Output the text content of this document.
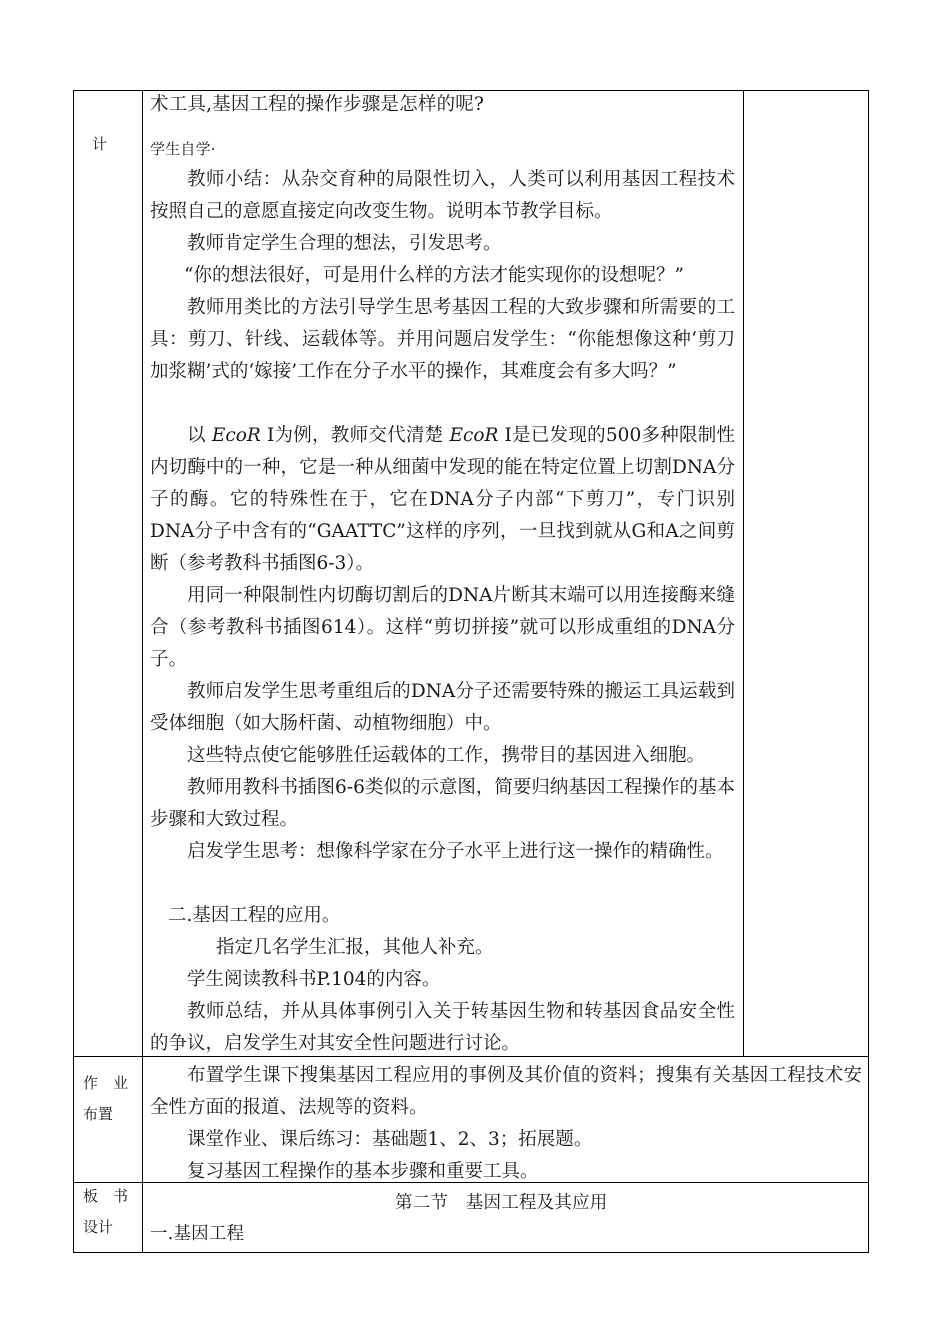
计
作　业
布置
板　书
设计
术工具,基因工程的操作步骤是怎样的呢?
学生自学·
教师小结：从杂交育种的局限性切入，人类可以利用基因工程技术按照自己的意愿直接定向改变生物。说明本节教学目标。
教师肯定学生合理的想法，引发思考。
“你的想法很好，可是用什么样的方法才能实现你的设想呢？”
教师用类比的方法引导学生思考基因工程的大致步骤和所需要的工具：剪刀、针线、运载体等。并用问题启发学生：“你能想像这种‘剪刀加浆糊’式的‘嫁接’工作在分子水平的操作，其难度会有多大吗？”
以 EcoR Ⅰ为例，教师交代清楚 EcoR Ⅰ是已发现的500多种限制性内切酶中的一种，它是一种从细菌中发现的能在特定位置上切割DNA分子的酶。它的特殊性在于，它在DNA分子内部“下剪刀”，专门识别DNA分子中含有的“GAATTC”这样的序列，一旦找到就从G和A之间剪断（参考教科书插图6-3）。
用同一种限制性内切酶切割后的DNA片断其末端可以用连接酶来缝合（参考教科书插图614）。这样“剪切拼接”就可以形成重组的DNA分子。
教师启发学生思考重组后的DNA分子还需要特殊的搬运工具运载到受体细胞（如大肠杆菌、动植物细胞）中。
这些特点使它能够胜任运载体的工作，携带目的基因进入细胞。
教师用教科书插图6-6类似的示意图，简要归纳基因工程操作的基本步骤和大致过程。
启发学生思考：想像科学家在分子水平上进行这一操作的精确性。
二.基因工程的应用。
指定几名学生汇报，其他人补充。
学生阅读教科书P.104的内容。
教师总结，并从具体事例引入关于转基因生物和转基因食品安全性的争议，启发学生对其安全性问题进行讨论。
布置学生课下搜集基因工程应用的事例及其价值的资料；搜集有关基因工程技术安全性方面的报道、法规等的资料。
课堂作业、课后练习：基础题1、2、3；拓展题。
复习基因工程操作的基本步骤和重要工具。
第二节　基因工程及其应用
一.基因工程
